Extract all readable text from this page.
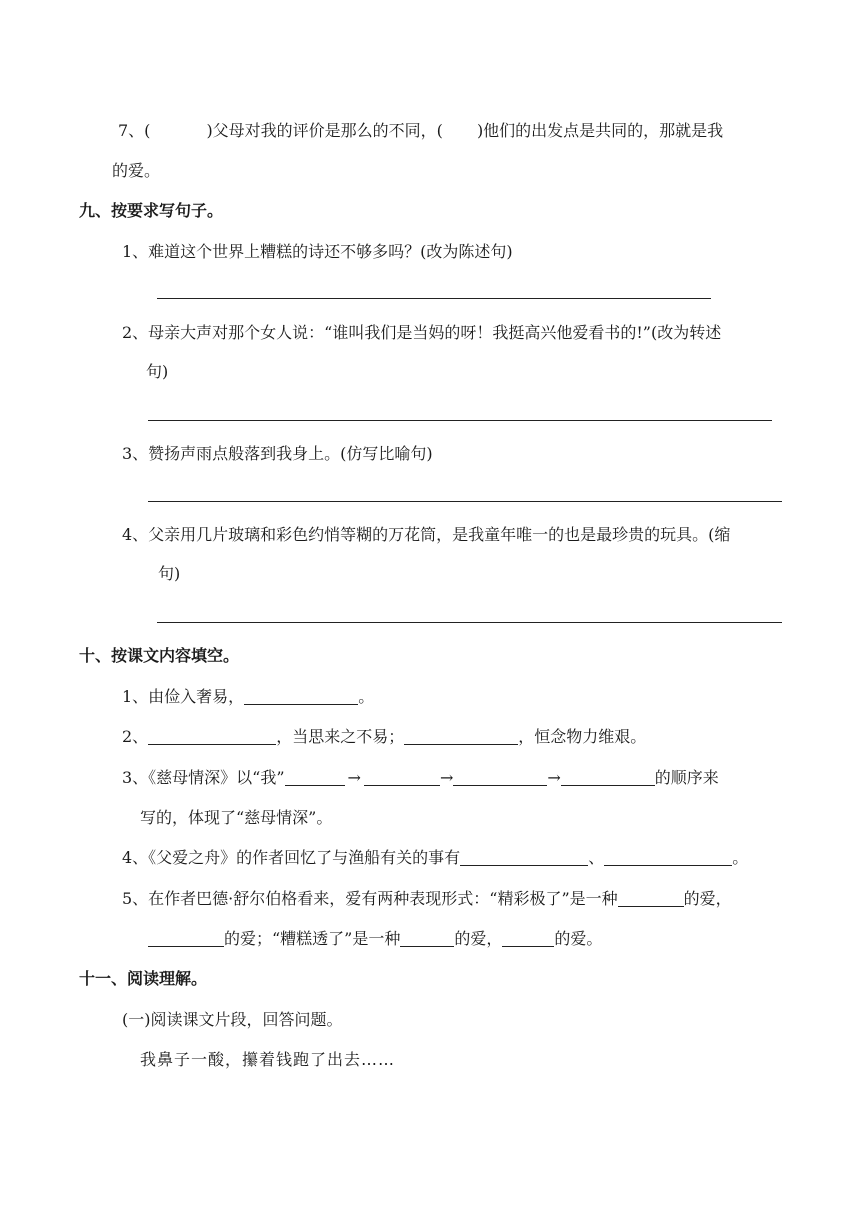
7、(	)父母对我的评价是那么的不同，( )他们的出发点是共同的，那就是我
的爱。
九、按要求写句子。
1、难道这个世界上糟糕的诗还不够多吗？(改为陈述句)
2、母亲大声对那个女人说：“谁叫我们是当妈的呀！我挺高兴他爱看书的!”(改为转述
句)
3、赞扬声雨点般落到我身上。(仿写比喻句)
4、父亲用几片玻璃和彩色约悄等糊的万花筒，是我童年唯一的也是最珍贵的玩具。(缩
句)
十、按课文内容填空。
1、由俭入奢易，	。
2、	，当思来之不易；	，恒念物力维艰。
3、《慈母情深》以“我”	→	→	→	的顺序来
写的，体现了“慈母情深”。
4、《父爱之舟》的作者回忆了与渔船有关的事有	、	。
5、在作者巴德·舒尔伯格看来，爱有两种表现形式：“精彩极了”是一种	的爱，
的爱；“糟糕透了”是一种	的爱，	的爱。
十一、阅读理解。
(一)阅读课文片段，回答问题。
我鼻子一酸，攥着钱跑了出去……
